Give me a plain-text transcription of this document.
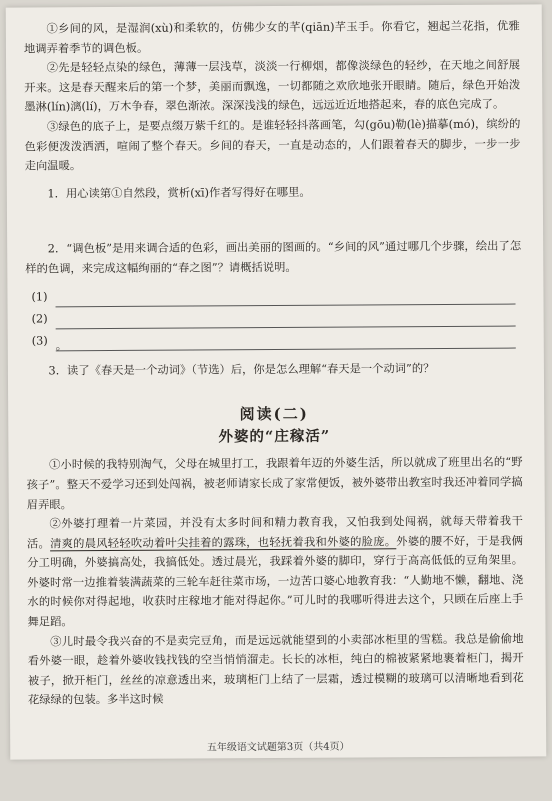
①乡间的风，是湿润(xù)和柔软的，仿佛少女的芊(qiān)芊玉手。你看它，翘起兰花指，优雅地调弄着季节的调色板。

②先是轻轻点染的绿色，薄薄一层浅草，淡淡一行柳烟，都像淡绿色的轻纱，在天地之间舒展开来。这是春天醒来后的第一个梦，美丽而飘逸，一切都随之欢欣地张开眼睛。随后，绿色开始泼墨淋(lín)漓(lí)，万木争春，翠色渐浓。深深浅浅的绿色，远远近近地搭起来，春的底色完成了。

③绿色的底子上，是要点缀万紫千红的。是谁轻轻抖落画笔，勾(gōu)勒(lè)描摹(mó)，缤纷的色彩便泼泼洒洒，喧闹了整个春天。乡间的春天，一直是动态的，人们跟着春天的脚步，一步一步走向温暖。

1．用心读第①自然段，赏析(xī)作者写得好在哪里。

2．“调色板”是用来调合适的色彩，画出美丽的图画的。“乡间的风”通过哪几个步骤，绘出了怎样的色调，来完成这幅绚丽的“春之图”？请概括说明。

(1)
(2)
(3) 。

3．读了《春天是一个动词》（节选）后，你是怎么理解“春天是一个动词”的？

阅读(二)
外婆的“庄稼活”

①小时候的我特别淘气，父母在城里打工，我跟着年迈的外婆生活，所以就成了班里出名的“野孩子”。整天不爱学习还到处闯祸，被老师请家长成了家常便饭，被外婆带出教室时我还冲着同学搞眉弄眼。

②外婆打理着一片菜园，并没有太多时间和精力教育我，又怕我到处闯祸，就每天带着我干活。清爽的晨风轻轻吹动着叶尖挂着的露珠，也轻抚着我和外婆的脸庞。外婆的腰不好，于是我俩分工明确，外婆搞高处，我搞低处。透过晨光，我踩着外婆的脚印，穿行于高高低低的豆角架里。外婆时常一边推着装满蔬菜的三轮车赶往菜市场，一边苦口婆心地教育我：“人勤地不懒，翻地、浇水的时候你对得起地，收获时庄稼地才能对得起你。”可儿时的我哪听得进去这个，只顾在后座上手舞足蹈。

③儿时最令我兴奋的不是卖完豆角，而是远远就能望到的小卖部冰柜里的雪糕。我总是偷偷地看外婆一眼，趁着外婆收钱找钱的空当悄悄溜走。长长的冰柜，纯白的棉被紧紧地裹着柜门，揭开被子，掀开柜门，丝丝的凉意透出来，玻璃柜门上结了一层霜，透过模糊的玻璃可以清晰地看到花花绿绿的包装。多半这时候

五年级语文试题第3页（共4页）
